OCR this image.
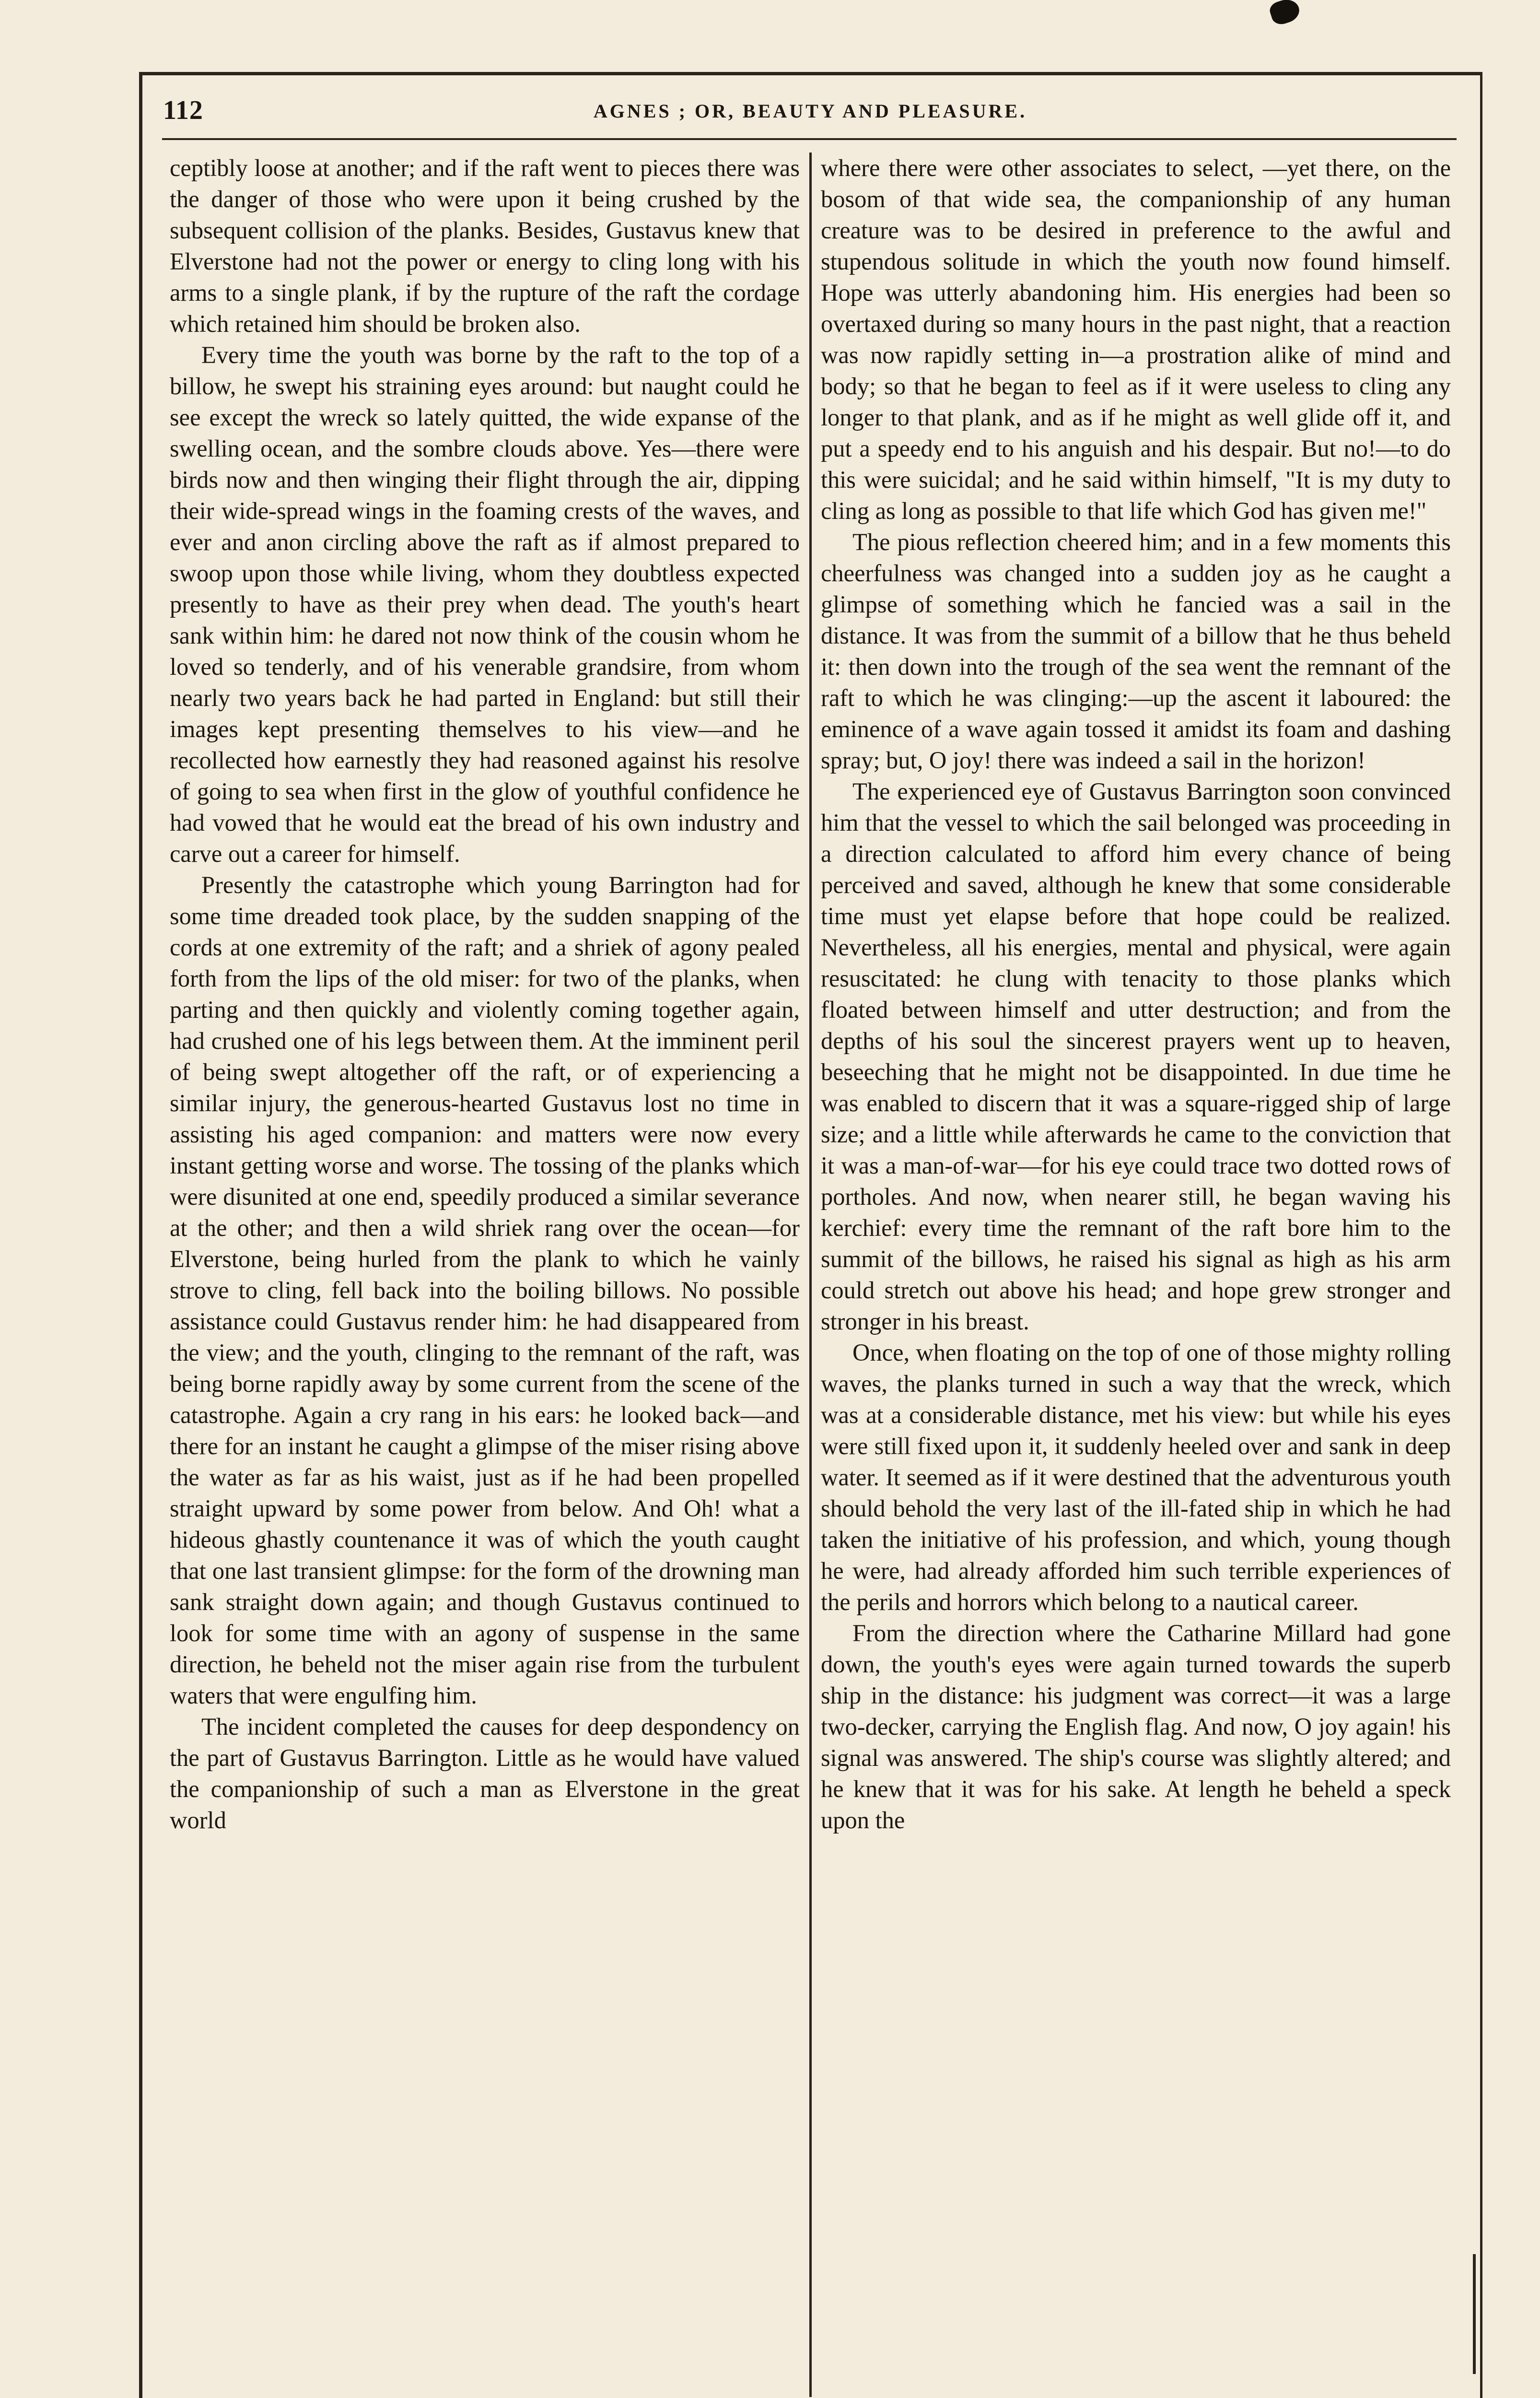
112	AGNES ; OR, BEAUTY AND PLEASURE.

ceptibly loose at another; and if the raft went to pieces there was the danger of those who were upon it being crushed by the subsequent collision of the planks. Besides, Gustavus knew that Elverstone had not the power or energy to cling long with his arms to a single plank, if by the rupture of the raft the cordage which retained him should be broken also.

Every time the youth was borne by the raft to the top of a billow, he swept his straining eyes around: but naught could he see except the wreck so lately quitted, the wide expanse of the swelling ocean, and the sombre clouds above. Yes—there were birds now and then winging their flight through the air, dipping their wide-spread wings in the foaming crests of the waves, and ever and anon circling above the raft as if almost prepared to swoop upon those while living, whom they doubtless expected presently to have as their prey when dead. The youth's heart sank within him: he dared not now think of the cousin whom he loved so tenderly, and of his venerable grandsire, from whom nearly two years back he had parted in England: but still their images kept presenting themselves to his view—and he recollected how earnestly they had reasoned against his resolve of going to sea when first in the glow of youthful confidence he had vowed that he would eat the bread of his own industry and carve out a career for himself.

Presently the catastrophe which young Barrington had for some time dreaded took place, by the sudden snapping of the cords at one extremity of the raft; and a shriek of agony pealed forth from the lips of the old miser: for two of the planks, when parting and then quickly and violently coming together again, had crushed one of his legs between them. At the imminent peril of being swept altogether off the raft, or of experiencing a similar injury, the generous-hearted Gustavus lost no time in assisting his aged companion: and matters were now every instant getting worse and worse. The tossing of the planks which were disunited at one end, speedily produced a similar severance at the other; and then a wild shriek rang over the ocean—for Elverstone, being hurled from the plank to which he vainly strove to cling, fell back into the boiling billows. No possible assistance could Gustavus render him: he had disappeared from the view; and the youth, clinging to the remnant of the raft, was being borne rapidly away by some current from the scene of the catastrophe. Again a cry rang in his ears: he looked back—and there for an instant he caught a glimpse of the miser rising above the water as far as his waist, just as if he had been propelled straight upward by some power from below. And Oh! what a hideous ghastly countenance it was of which the youth caught that one last transient glimpse: for the form of the drowning man sank straight down again; and though Gustavus continued to look for some time with an agony of suspense in the same direction, he beheld not the miser again rise from the turbulent waters that were engulfing him.

The incident completed the causes for deep despondency on the part of Gustavus Barrington. Little as he would have valued the companionship of such a man as Elverstone in the great world

where there were other associates to select, —yet there, on the bosom of that wide sea, the companionship of any human creature was to be desired in preference to the awful and stupendous solitude in which the youth now found himself. Hope was utterly abandoning him. His energies had been so overtaxed during so many hours in the past night, that a reaction was now rapidly setting in—a prostration alike of mind and body; so that he began to feel as if it were useless to cling any longer to that plank, and as if he might as well glide off it, and put a speedy end to his anguish and his despair. But no!—to do this were suicidal; and he said within himself, "It is my duty to cling as long as possible to that life which God has given me!"

The pious reflection cheered him; and in a few moments this cheerfulness was changed into a sudden joy as he caught a glimpse of something which he fancied was a sail in the distance. It was from the summit of a billow that he thus beheld it: then down into the trough of the sea went the remnant of the raft to which he was clinging:—up the ascent it laboured: the eminence of a wave again tossed it amidst its foam and dashing spray; but, O joy! there was indeed a sail in the horizon!

The experienced eye of Gustavus Barrington soon convinced him that the vessel to which the sail belonged was proceeding in a direction calculated to afford him every chance of being perceived and saved, although he knew that some considerable time must yet elapse before that hope could be realized. Nevertheless, all his energies, mental and physical, were again resuscitated: he clung with tenacity to those planks which floated between himself and utter destruction; and from the depths of his soul the sincerest prayers went up to heaven, beseeching that he might not be disappointed. In due time he was enabled to discern that it was a square-rigged ship of large size; and a little while afterwards he came to the conviction that it was a man-of-war—for his eye could trace two dotted rows of portholes. And now, when nearer still, he began waving his kerchief: every time the remnant of the raft bore him to the summit of the billows, he raised his signal as high as his arm could stretch out above his head; and hope grew stronger and stronger in his breast.

Once, when floating on the top of one of those mighty rolling waves, the planks turned in such a way that the wreck, which was at a considerable distance, met his view: but while his eyes were still fixed upon it, it suddenly heeled over and sank in deep water. It seemed as if it were destined that the adventurous youth should behold the very last of the ill-fated ship in which he had taken the initiative of his profession, and which, young though he were, had already afforded him such terrible experiences of the perils and horrors which belong to a nautical career.

From the direction where the Catharine Millard had gone down, the youth's eyes were again turned towards the superb ship in the distance: his judgment was correct—it was a large two-decker, carrying the English flag. And now, O joy again! his signal was answered. The ship's course was slightly altered; and he knew that it was for his sake. At length he beheld a speck upon the
